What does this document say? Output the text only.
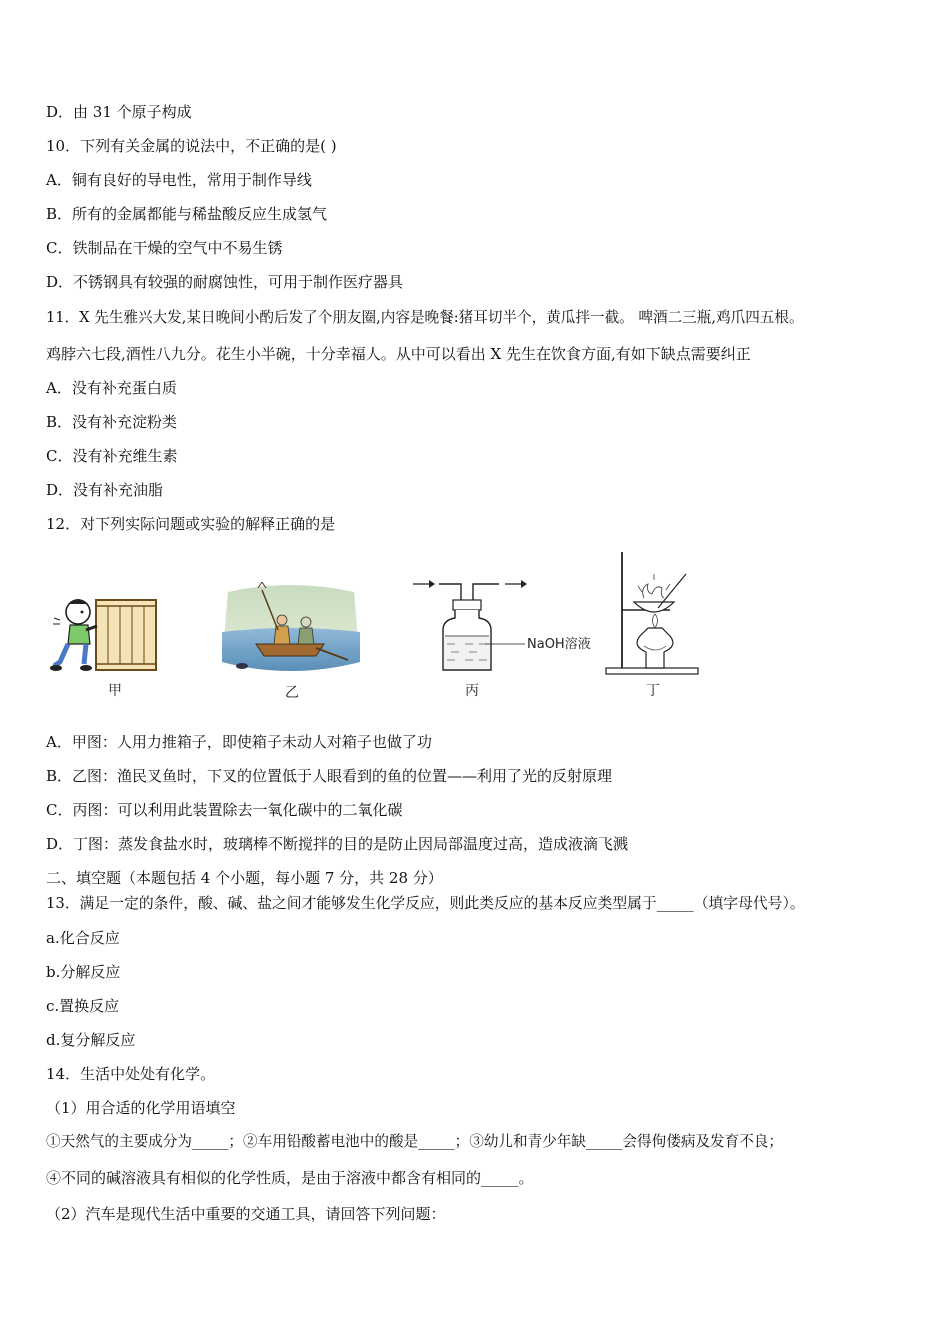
D．由 31 个原子构成
10．下列有关金属的说法中，不正确的是( )
A．铜有良好的导电性，常用于制作导线
B．所有的金属都能与稀盐酸反应生成氢气
C．铁制品在干燥的空气中不易生锈
D．不锈钢具有较强的耐腐蚀性，可用于制作医疗器具
11．X 先生雅兴大发,某日晚间小酌后发了个朋友圈,内容是晚餐:猪耳切半个，黄瓜拌一截。 啤酒二三瓶,鸡爪四五根。
鸡脖六七段,酒性八九分。花生小半碗，十分幸福人。从中可以看出 X 先生在饮食方面,有如下缺点需要纠正
A．没有补充蛋白质
B．没有补充淀粉类
C．没有补充维生素
D．没有补充油脂
12．对下列实际问题或实验的解释正确的是
NaOH溶液
甲	乙	丙	丁
A．甲图：人用力推箱子，即使箱子未动人对箱子也做了功
B．乙图：渔民叉鱼时，下叉的位置低于人眼看到的鱼的位置——利用了光的反射原理
C．丙图：可以利用此装置除去一氧化碳中的二氧化碳
D．丁图：蒸发食盐水时，玻璃棒不断搅拌的目的是防止因局部温度过高，造成液滴飞溅
二、填空题（本题包括 4 个小题，每小题 7 分，共 28 分）
13．满足一定的条件，酸、碱、盐之间才能够发生化学反应，则此类反应的基本反应类型属于_____（填字母代号）。
a.化合反应
b.分解反应
c.置换反应
d.复分解反应
14．生活中处处有化学。
（1）用合适的化学用语填空
①天然气的主要成分为_____；②车用铅酸蓄电池中的酸是_____；③幼儿和青少年缺_____会得佝偻病及发育不良；
④不同的碱溶液具有相似的化学性质，是由于溶液中都含有相同的_____。
（2）汽车是现代生活中重要的交通工具，请回答下列问题：
